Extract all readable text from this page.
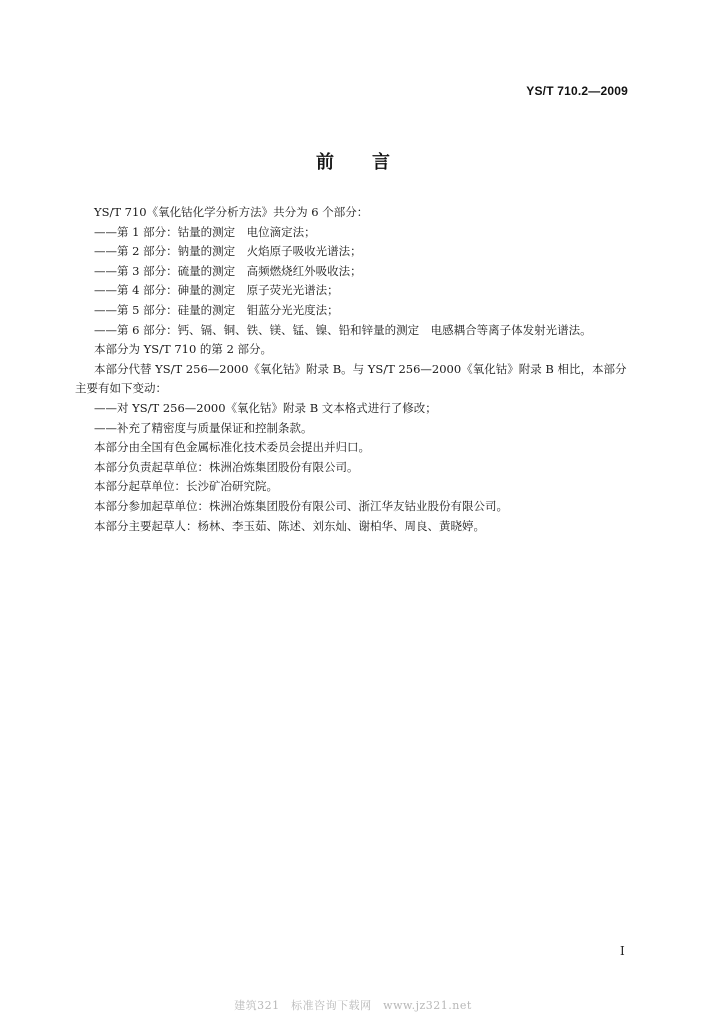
YS/T 710.2—2009
前言
YS/T 710《氧化钴化学分析方法》共分为 6 个部分：
——第 1 部分：钴量的测定　电位滴定法；
——第 2 部分：钠量的测定　火焰原子吸收光谱法；
——第 3 部分：硫量的测定　高频燃烧红外吸收法；
——第 4 部分：砷量的测定　原子荧光光谱法；
——第 5 部分：硅量的测定　钼蓝分光光度法；
——第 6 部分：钙、镉、铜、铁、镁、锰、镍、铅和锌量的测定　电感耦合等离子体发射光谱法。
本部分为 YS/T 710 的第 2 部分。
本部分代替 YS/T 256—2000《氧化钴》附录 B。与 YS/T 256—2000《氧化钴》附录 B 相比，本部分
主要有如下变动：
——对 YS/T 256—2000《氧化钴》附录 B 文本格式进行了修改；
——补充了精密度与质量保证和控制条款。
本部分由全国有色金属标准化技术委员会提出并归口。
本部分负责起草单位：株洲冶炼集团股份有限公司。
本部分起草单位：长沙矿冶研究院。
本部分参加起草单位：株洲冶炼集团股份有限公司、浙江华友钴业股份有限公司。
本部分主要起草人：杨林、李玉茹、陈述、刘东灿、谢柏华、周良、黄晓婷。
I
建筑321　标准咨询下载网　www.jz321.net
